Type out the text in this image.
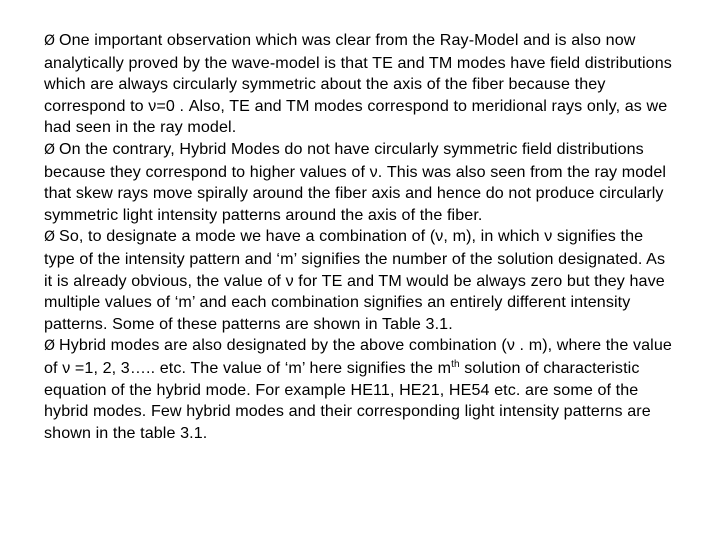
Ø One important observation which was clear from the Ray-Model and is also now analytically proved by the wave-model is that TE and TM modes have field distributions which are always circularly symmetric about the axis of the fiber because they correspond to ν=0 . Also, TE and TM modes correspond to meridional rays only, as we had seen in the ray model.

Ø On the contrary, Hybrid Modes do not have circularly symmetric field distributions because they correspond to higher values of ν. This was also seen from the ray model that skew rays move spirally around the fiber axis and hence do not produce circularly symmetric light intensity patterns around the axis of the fiber.

Ø So, to designate a mode we have a combination of (ν, m), in which ν signifies the type of the intensity pattern and ‘m’ signifies the number of the solution designated. As it is already obvious, the value of ν for TE and TM would be always zero but they have multiple values of ‘m’ and each combination signifies an entirely different intensity patterns. Some of these patterns are shown in Table 3.1.

Ø Hybrid modes are also designated by the above combination (ν . m), where the value of ν =1, 2, 3….. etc. The value of ‘m’ here signifies the $m^{th}$ solution of characteristic equation of the hybrid mode. For example HE11, HE21, HE54 etc. are some of the hybrid modes. Few hybrid modes and their corresponding light intensity patterns are shown in the table 3.1.
